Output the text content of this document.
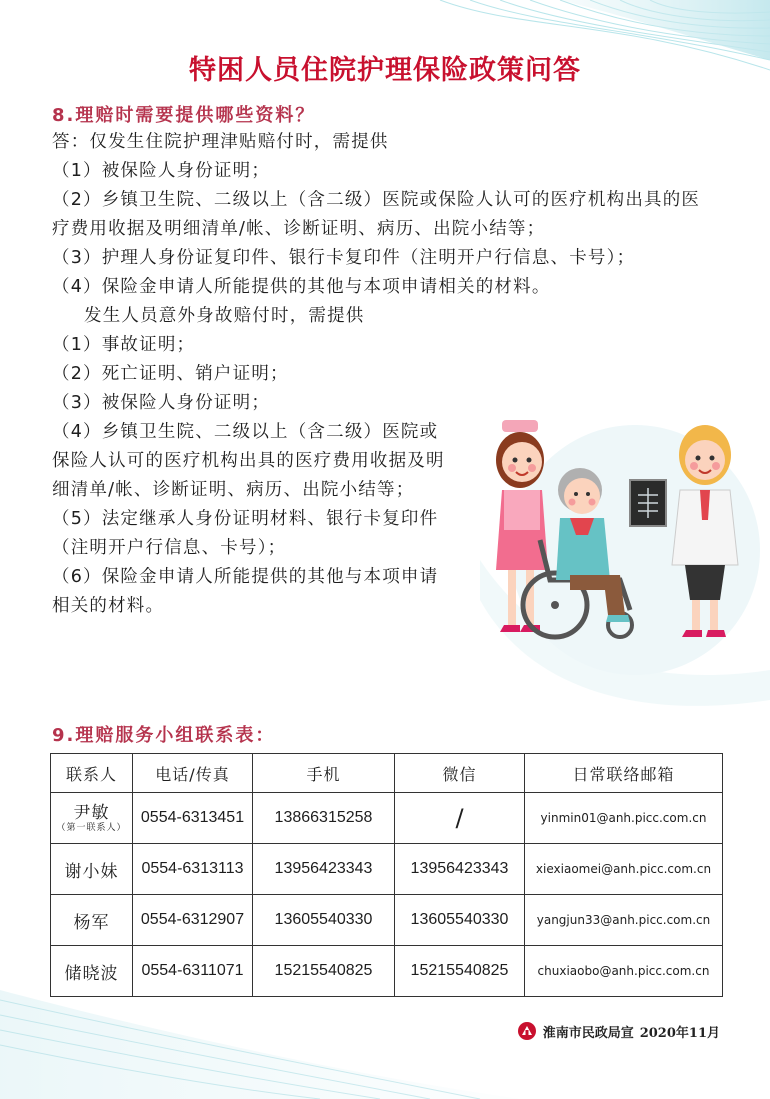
特困人员住院护理保险政策问答
8.理赔时需要提供哪些资料？

答：仅发生住院护理津贴赔付时，需提供

（1）被保险人身份证明；

（2）乡镇卫生院、二级以上（含二级）医院或保险人认可的医疗机构出具的医疗费用收据及明细清单/帐、诊断证明、病历、出院小结等；

（3）护理人身份证复印件、银行卡复印件（注明开户行信息、卡号）；

（4）保险金申请人所能提供的其他与本项申请相关的材料。

发生人员意外身故赔付时，需提供

（1）事故证明；

（2）死亡证明、销户证明；

（3）被保险人身份证明；

（4）乡镇卫生院、二级以上（含二级）医院或保险人认可的医疗机构出具的医疗费用收据及明细清单/帐、诊断证明、病历、出院小结等；

（5）法定继承人身份证明材料、银行卡复印件（注明开户行信息、卡号）；

（6）保险金申请人所能提供的其他与本项申请相关的材料。

9.理赔服务小组联系表：
联系人	电话/传真	手机	微信	日常联络邮箱

尹敏
（第一联系人）	0554-6313451	13866315258	/	yinmin01@anh.picc.com.cn
谢小妹	0554-6313113	13956423343	13956423343	xiexiaomei@anh.picc.com.cn
杨军	0554-6312907	13605540330	13605540330	yangjun33@anh.picc.com.cn
储晓波	0554-6311071	15215540825	15215540825	chuxiaobo@anh.picc.com.cn
淮南市民政局宣 2020年11月
